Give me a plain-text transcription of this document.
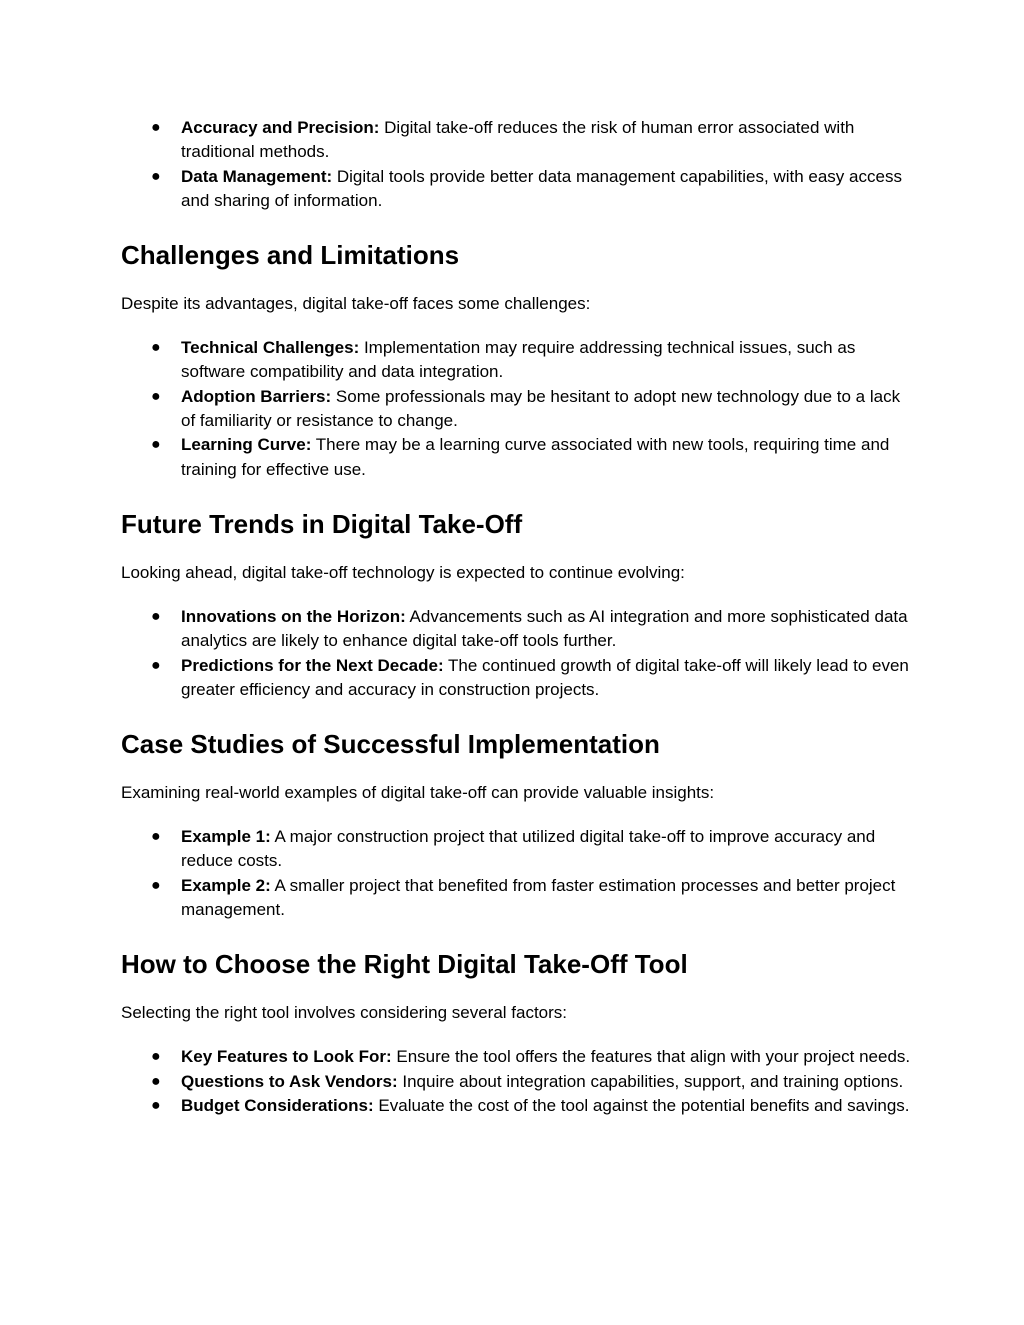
● Accuracy and Precision: Digital take-off reduces the risk of human error associated with traditional methods.
● Data Management: Digital tools provide better data management capabilities, with easy access and sharing of information.
Challenges and Limitations

Despite its advantages, digital take-off faces some challenges:

● Technical Challenges: Implementation may require addressing technical issues, such as software compatibility and data integration.
● Adoption Barriers: Some professionals may be hesitant to adopt new technology due to a lack of familiarity or resistance to change.
● Learning Curve: There may be a learning curve associated with new tools, requiring time and training for effective use.
Future Trends in Digital Take-Off

Looking ahead, digital take-off technology is expected to continue evolving:

● Innovations on the Horizon: Advancements such as AI integration and more sophisticated data analytics are likely to enhance digital take-off tools further.
● Predictions for the Next Decade: The continued growth of digital take-off will likely lead to even greater efficiency and accuracy in construction projects.
Case Studies of Successful Implementation

Examining real-world examples of digital take-off can provide valuable insights:

● Example 1: A major construction project that utilized digital take-off to improve accuracy and reduce costs.
● Example 2: A smaller project that benefited from faster estimation processes and better project management.
How to Choose the Right Digital Take-Off Tool

Selecting the right tool involves considering several factors:

● Key Features to Look For: Ensure the tool offers the features that align with your project needs.
● Questions to Ask Vendors: Inquire about integration capabilities, support, and training options.
● Budget Considerations: Evaluate the cost of the tool against the potential benefits and savings.
